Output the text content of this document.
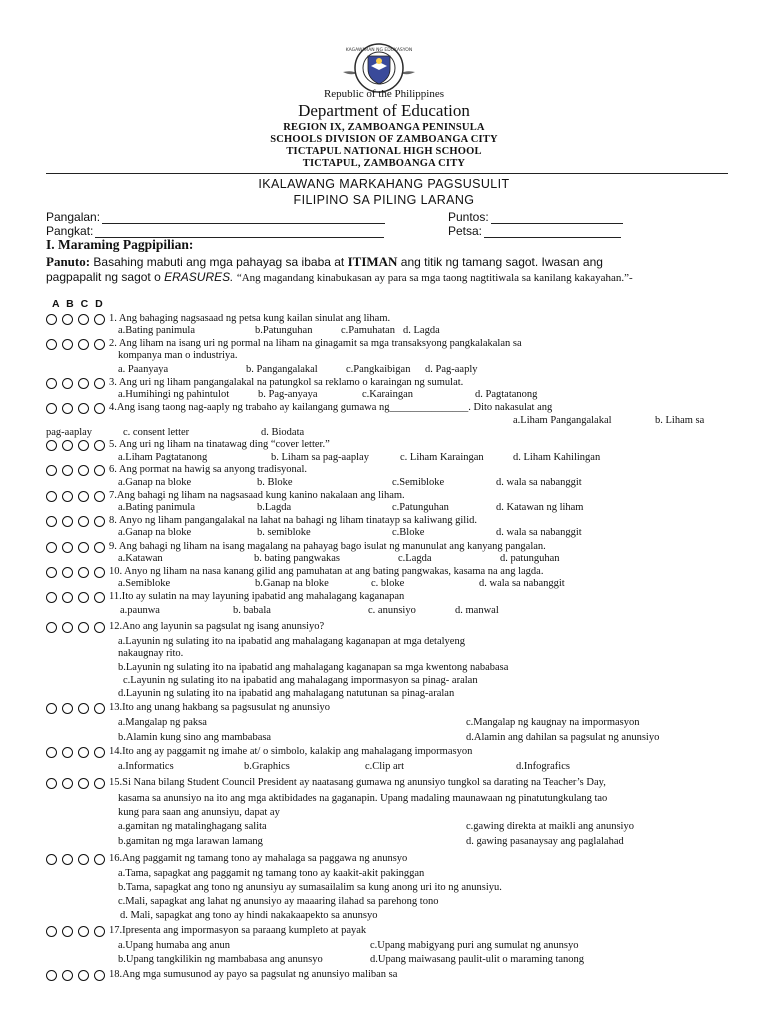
KAGAWARAN NG EDUKASYON
Republic of the Philippines
Department of Education
REGION IX, ZAMBOANGA PENINSULA
SCHOOLS DIVISION OF ZAMBOANGA CITY
TICTAPUL NATIONAL HIGH SCHOOL
TICTAPUL, ZAMBOANGA CITY
IKALAWANG MARKAHANG PAGSUSULIT
FILIPINO SA PILING LARANG
Pangalan:	Puntos:
Pangkat:	Petsa:
I. Maraming Pagpipilian:
Panuto: Basahing mabuti ang mga pahayag sa ibaba at ITIMAN ang titik ng tamang sagot. Iwasan ang
pagpapalit ng sagot o ERASURES. “Ang magandang kinabukasan ay para sa mga taong nagtitiwala sa kanilang kakayahan.”-
A B C D
1. Ang bahaging nagsasaad ng petsa kung kailan sinulat ang liham.
a.Bating panimula	b.Patunguhan	c.Pamuhatan d. Lagda
2. Ang liham na isang uri ng pormal na liham na ginagamit sa mga transaksyong pangkalakalan sa
kompanya man o industriya.
a. Paanyaya	b. Pangangalakal	c.Pangkaibigan d. Pag-aaply
3. Ang uri ng liham pangangalakal na patungkol sa reklamo o karaingan ng sumulat.
a.Humihingi ng pahintulot	b. Pag-anyaya	c.Karaingan	d. Pagtatanong
4.Ang isang taong nag-aaply ng trabaho ay kailangang gumawa ng_______________. Dito nakasulat ang
a.Liham Pangangalakal	b. Liham sa
pag-aaplay	c. consent letter	d. Biodata
5. Ang uri ng liham na tinatawag ding “cover letter.”
a.Liham Pagtatanong	b. Liham sa pag-aaplay	c. Liham Karaingan	d. Liham Kahilingan
6. Ang pormat na hawig sa anyong tradisyonal.
a.Ganap na bloke	b. Bloke	c.Semibloke	d. wala sa nabanggit
7.Ang bahagi ng liham na nagsasaad kung kanino nakalaan ang liham.
a.Bating panimula	b.Lagda	c.Patunguhan	d. Katawan ng liham
8. Anyo ng liham pangangalakal na lahat na bahagi ng liham tinatayp sa kaliwang gilid.
a.Ganap na bloke	b. semibloke	c.Bloke	d. wala sa nabanggit
9. Ang bahagi ng liham na isang magalang na pahayag bago isulat ng manunulat ang kanyang pangalan.
a.Katawan	b. bating pangwakas	c.Lagda	d. patunguhan
10. Anyo ng liham na nasa kanang gilid ang pamuhatan at ang bating pangwakas, kasama na ang lagda.
a.Semibloke	b.Ganap na bloke	c. bloke	d. wala sa nabanggit
11.Ito ay sulatin na may layuning ipabatid ang mahalagang kaganapan
a.paunwa	b. babala	c. anunsiyo	d. manwal
12.Ano ang layunin sa pagsulat ng isang anunsiyo?
a.Layunin ng sulating ito na ipabatid ang mahalagang kaganapan at mga detalyeng
nakaugnay rito.
b.Layunin ng sulating ito na ipabatid ang mahalagang kaganapan sa mga kwentong nababasa
c.Layunin ng sulating ito na ipabatid ang mahalagang impormasyon sa pinag- aralan
d.Layunin ng sulating ito na ipabatid ang mahalagang natutunan sa pinag-aralan
13.Ito ang unang hakbang sa pagsusulat ng anunsiyo
a.Mangalap ng paksa	c.Mangalap ng kaugnay na impormasyon
b.Alamin kung sino ang mambabasa	d.Alamin ang dahilan sa pagsulat ng anunsiyo
14.Ito ang ay paggamit ng imahe at/ o simbolo, kalakip ang mahalagang impormasyon
a.Informatics	b.Graphics	c.Clip art	d.Infografics
15.Si Nana bilang Student Council President ay naatasang gumawa ng anunsiyo tungkol sa darating na Teacher’s Day,
kasama sa anunsiyo na ito ang mga aktibidades na gaganapin. Upang madaling maunawaan ng pinatutungkulang tao
kung para saan ang anunsiyu, dapat ay
a.gamitan ng matalinghagang salita	c.gawing direkta at maikli ang anunsiyo
b.gamitan ng mga larawan lamang	d. gawing pasanaysay ang paglalahad
16.Ang paggamit ng tamang tono ay mahalaga sa paggawa ng anunsyo
a.Tama, sapagkat ang paggamit ng tamang tono ay kaakit-akit pakinggan
b.Tama, sapagkat ang tono ng anunsiyu ay sumasailalim sa kung anong uri ito ng anunsiyu.
c.Mali, sapagkat ang lahat ng anunsiyo ay maaaring ilahad sa parehong tono
d. Mali, sapagkat ang tono ay hindi nakakaapekto sa anunsyo
17.Ipresenta ang impormasyon sa paraang kumpleto at payak
a.Upang humaba ang anun	c.Upang mabigyang puri ang sumulat ng anunsyo
b.Upang tangkilikin ng mambabasa ang anunsyo	d.Upang maiwasang paulit-ulit o maraming tanong
18.Ang mga sumusunod ay payo sa pagsulat ng anunsiyo maliban sa
